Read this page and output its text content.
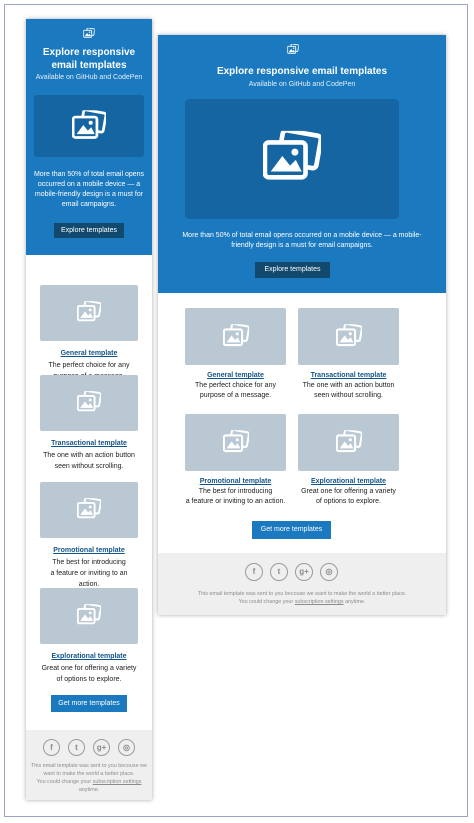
Explore responsive email templates
Available on GitHub and CodePen
More than 50% of total email opens occurred on a mobile device — a mobile-friendly design is a must for email campaigns.
Explore templates
General template
The perfect choice for any

Transactional template
The one with an action button
seen without scrolling.
Promotional template
The best for introducing
a feature or inviting to an action.
Explorational template
Great one for offering a variety
of options to explore.
Get more templates
f	t	g+	◎
This email template was sent to you becouse we
want to make the world a better place.
You could change your subscription settings
anytime.
Explore responsive email templates
Available on GitHub and CodePen
More than 50% of total email opens occurred on a mobile device — a mobile-friendly design is a must for email campaigns.
Explore templates
General template
The perfect choice for any
purpose of a message.
Transactional template
The one with an action button
seen without scrolling.
Promotional template
The best for introducing
a feature or inviting to an action.
Explorational template
Great one for offering a variety
of options to explore.
Get more templates
f	t	g+	◎
This email template was sent to you becouse we want to make the world a better place.
You could change your subscription settings anytime.
